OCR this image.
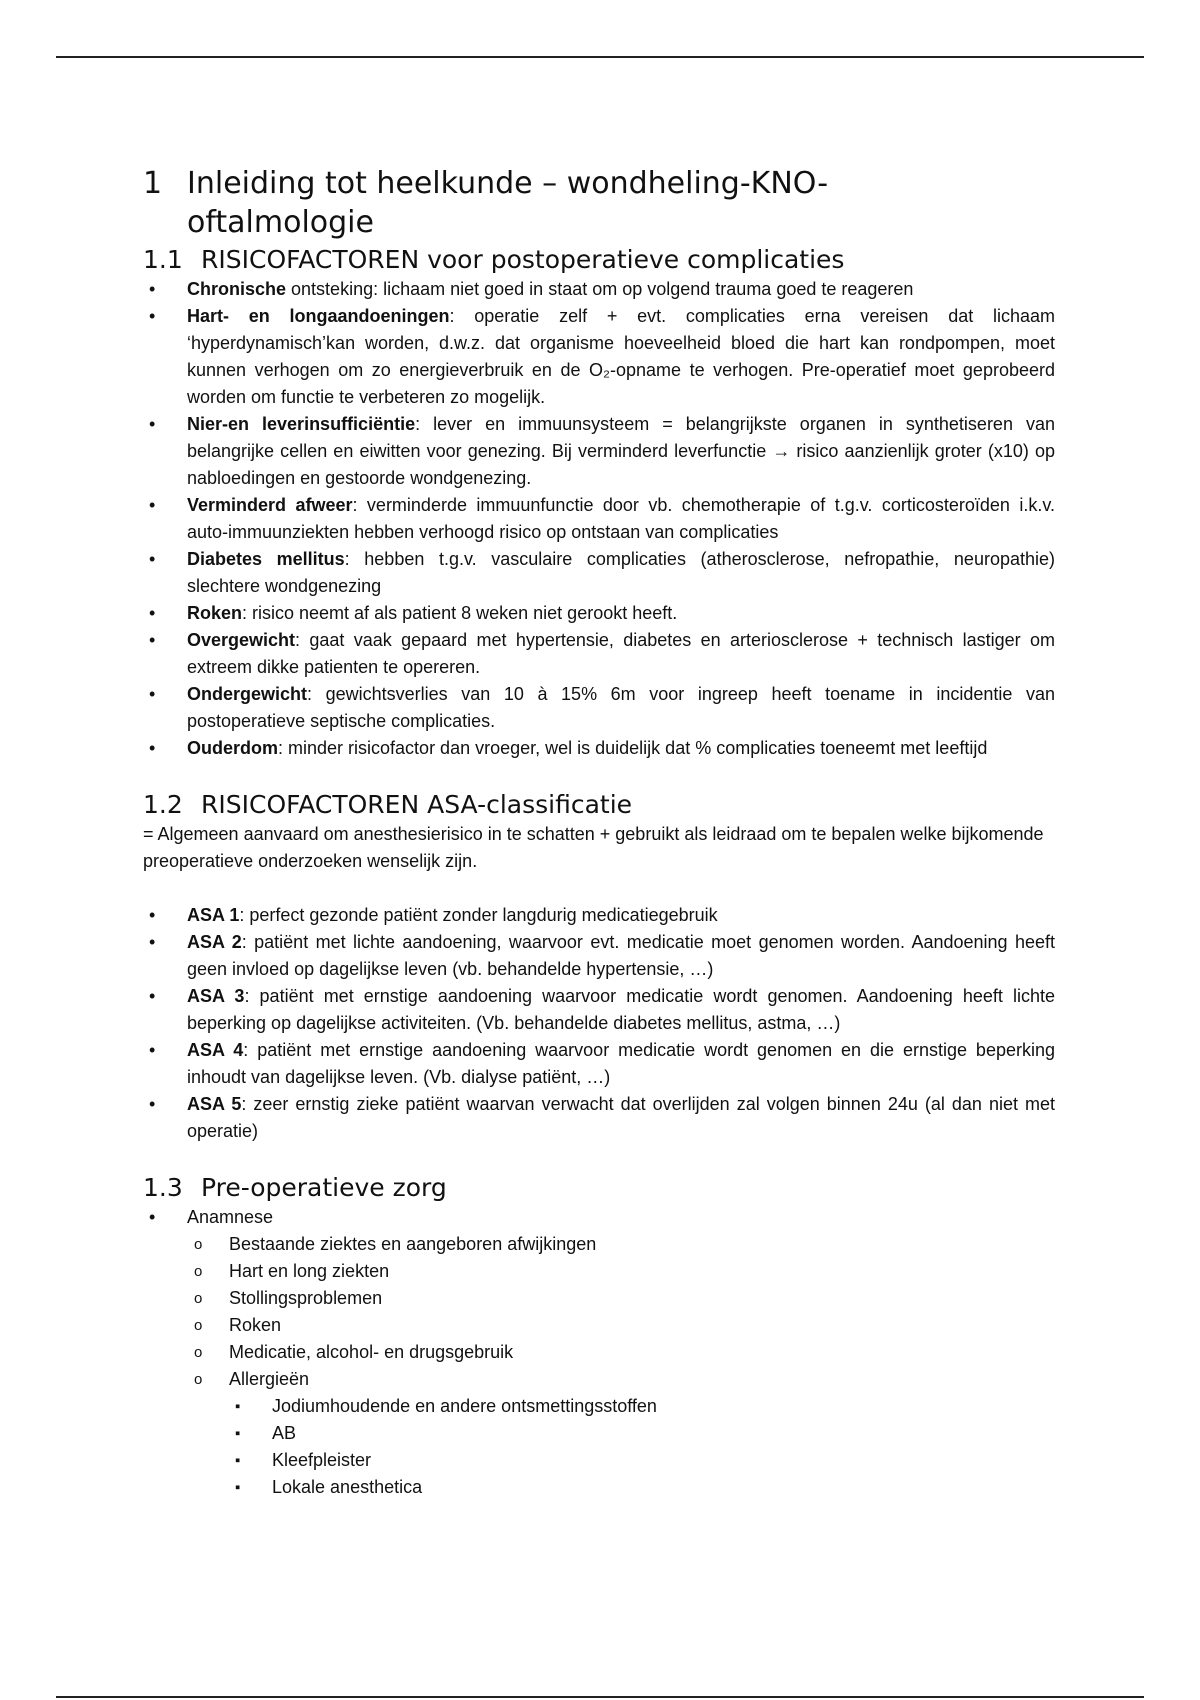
1 Inleiding tot heelkunde – wondheling-KNO-
oftalmologie
1.1 RISICOFACTOREN voor postoperatieve complicaties
• Chronische ontsteking: lichaam niet goed in staat om op volgend trauma goed te reageren
• Hart- en longaandoeningen: operatie zelf + evt. complicaties erna vereisen dat lichaam ‘hyperdynamisch’kan worden, d.w.z. dat organisme hoeveelheid bloed die hart kan rondpompen, moet kunnen verhogen om zo energieverbruik en de O₂-opname te verhogen. Pre-operatief moet geprobeerd worden om functie te verbeteren zo mogelijk.
• Nier-en leverinsufficiëntie: lever en immuunsysteem = belangrijkste organen in synthetiseren van belangrijke cellen en eiwitten voor genezing. Bij verminderd leverfunctie → risico aanzienlijk groter (x10) op nabloedingen en gestoorde wondgenezing.
• Verminderd afweer: verminderde immuunfunctie door vb. chemotherapie of t.g.v. corticosteroïden i.k.v. auto-immuunziekten hebben verhoogd risico op ontstaan van complicaties
• Diabetes mellitus: hebben t.g.v. vasculaire complicaties (atherosclerose, nefropathie, neuropathie) slechtere wondgenezing
• Roken: risico neemt af als patient 8 weken niet gerookt heeft.
• Overgewicht: gaat vaak gepaard met hypertensie, diabetes en arteriosclerose + technisch lastiger om extreem dikke patienten te opereren.
• Ondergewicht: gewichtsverlies van 10 à 15% 6m voor ingreep heeft toename in incidentie van postoperatieve septische complicaties.
• Ouderdom: minder risicofactor dan vroeger, wel is duidelijk dat % complicaties toeneemt met leeftijd
1.2 RISICOFACTOREN ASA-classificatie

= Algemeen aanvaard om anesthesierisico in te schatten + gebruikt als leidraad om te bepalen welke bijkomende preoperatieve onderzoeken wenselijk zijn.

• ASA 1: perfect gezonde patiënt zonder langdurig medicatiegebruik
• ASA 2: patiënt met lichte aandoening, waarvoor evt. medicatie moet genomen worden. Aandoening heeft geen invloed op dagelijkse leven (vb. behandelde hypertensie, …)
• ASA 3: patiënt met ernstige aandoening waarvoor medicatie wordt genomen. Aandoening heeft lichte beperking op dagelijkse activiteiten. (Vb. behandelde diabetes mellitus, astma, …)
• ASA 4: patiënt met ernstige aandoening waarvoor medicatie wordt genomen en die ernstige beperking inhoudt van dagelijkse leven. (Vb. dialyse patiënt, …)
• ASA 5: zeer ernstig zieke patiënt waarvan verwacht dat overlijden zal volgen binnen 24u (al dan niet met operatie)
1.3 Pre-operatieve zorg
• Anamnese
o Bestaande ziektes en aangeboren afwijkingen
o Hart en long ziekten
o Stollingsproblemen
o Roken
o Medicatie, alcohol- en drugsgebruik
o Allergieën
▪ Jodiumhoudende en andere ontsmettingsstoffen
▪ AB
▪ Kleefpleister
▪ Lokale anesthetica
